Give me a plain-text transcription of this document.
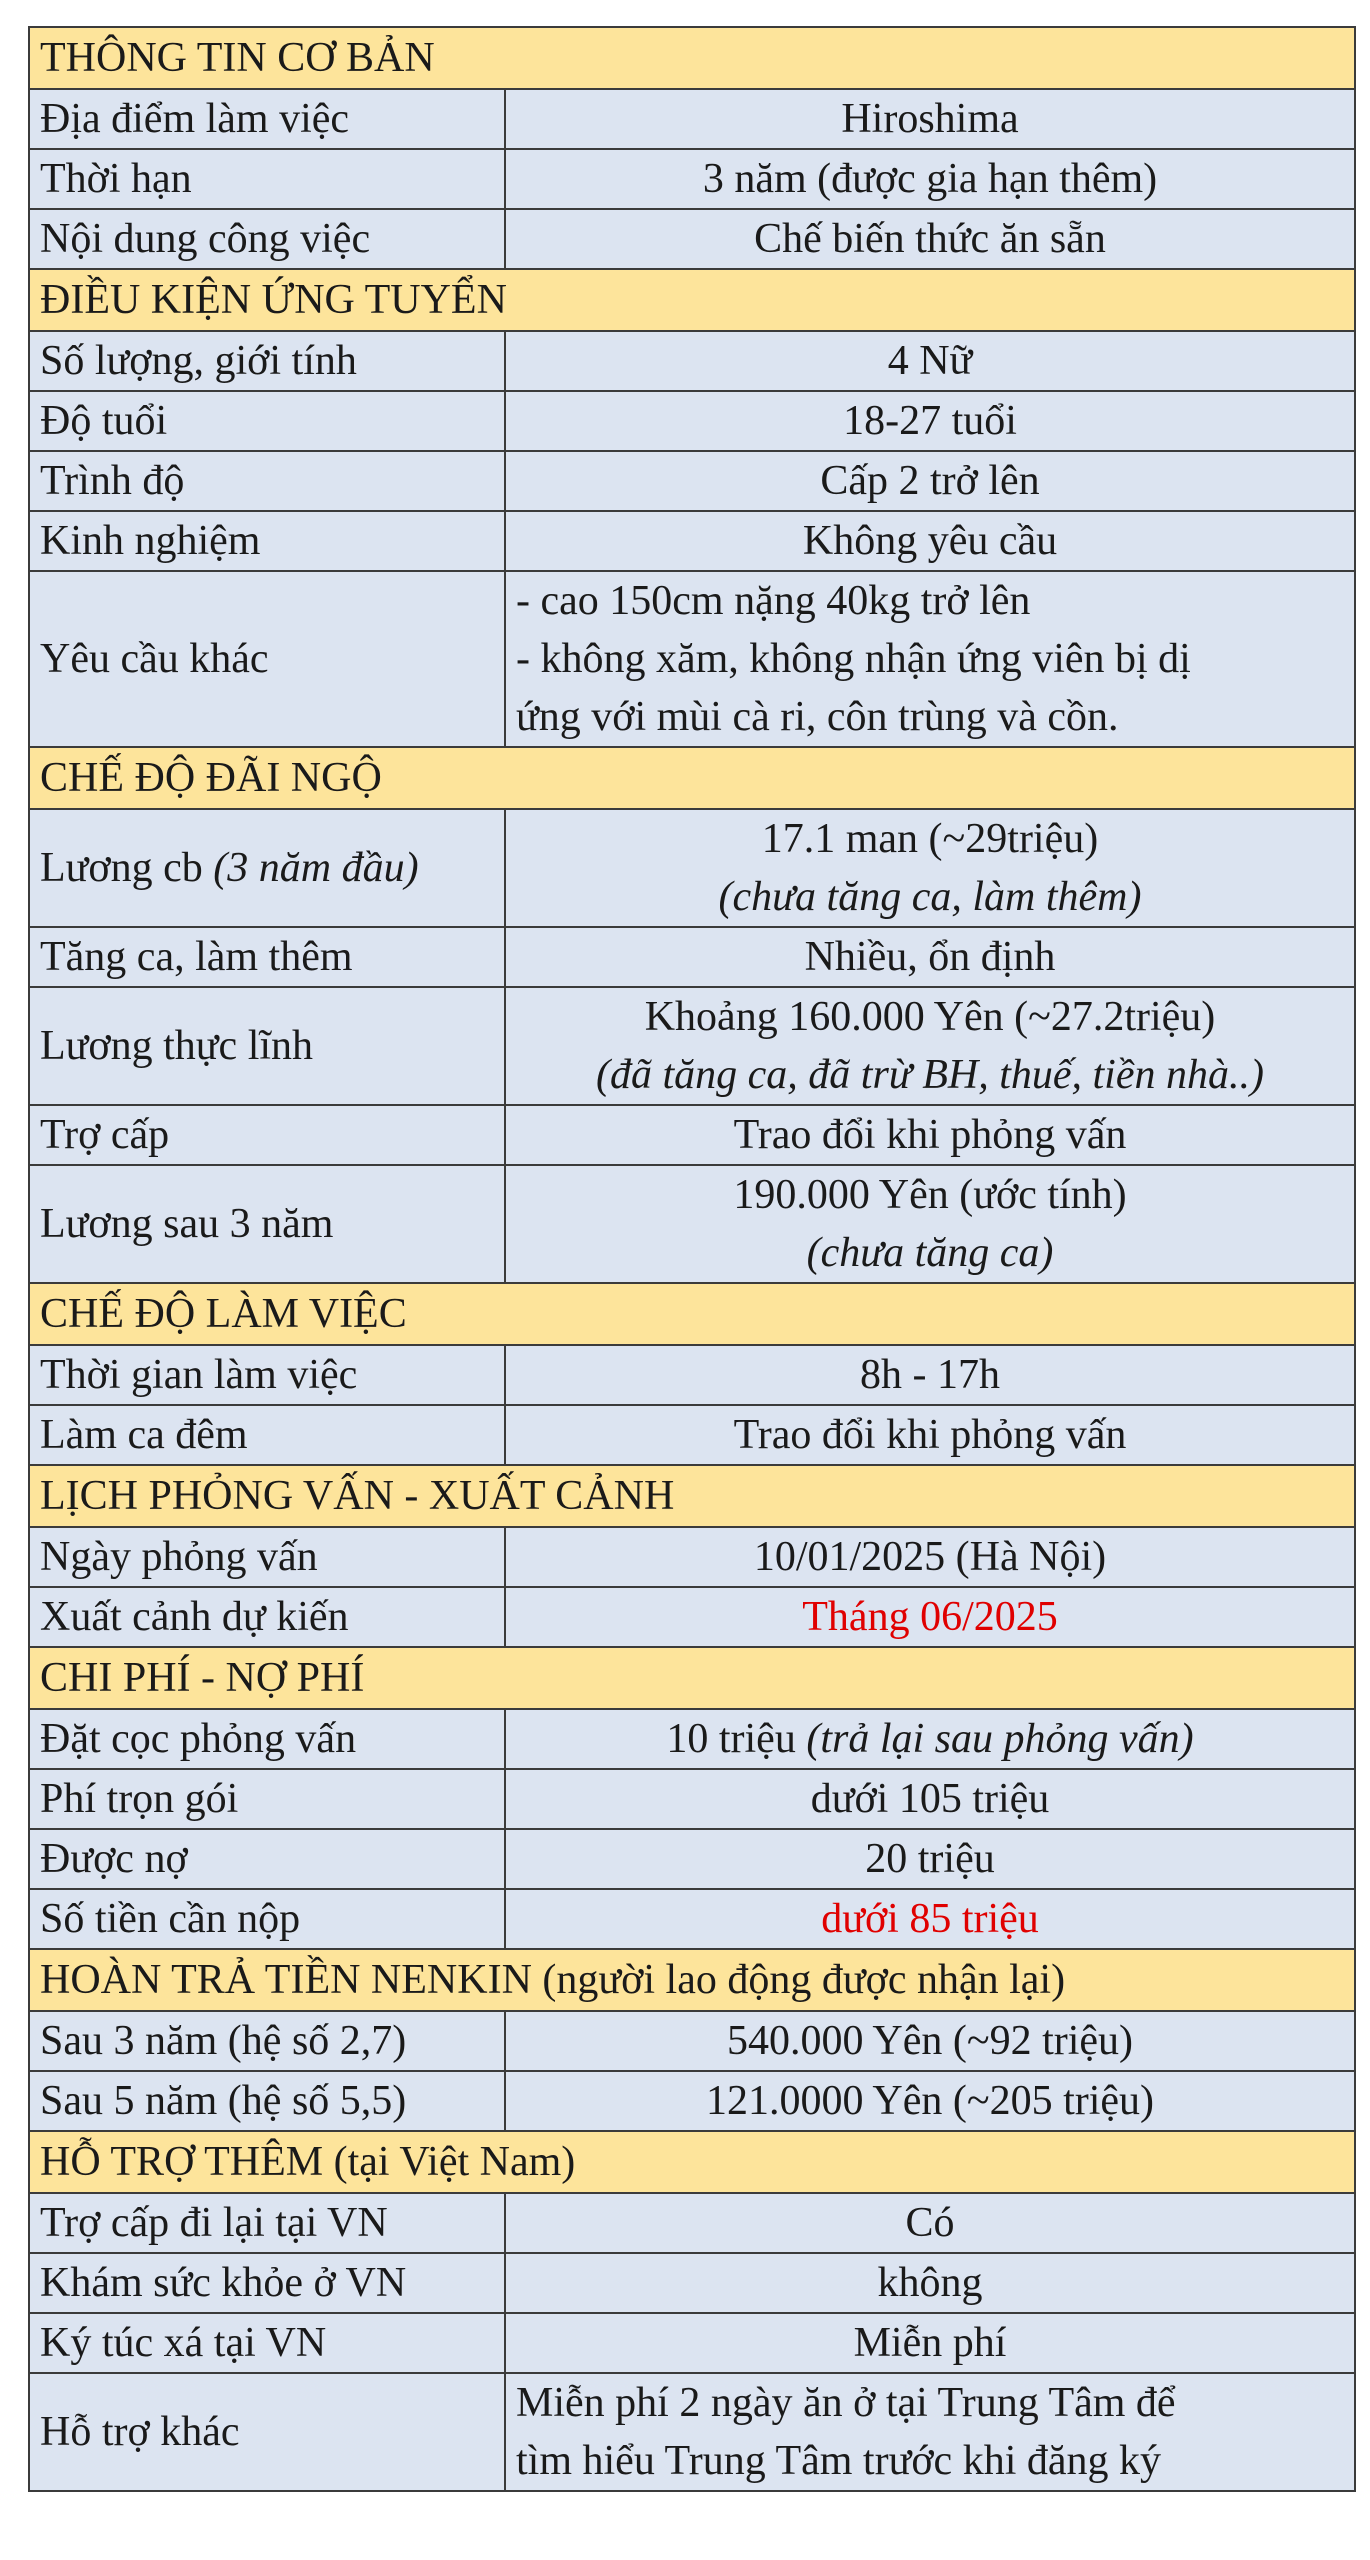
THÔNG TIN CƠ BẢN	
Địa điểm làm việc	Hiroshima
Thời hạn	3 năm (được gia hạn thêm)
Nội dung công việc	Chế biến thức ăn sẵn
ĐIỀU KIỆN ỨNG TUYỂN	
Số lượng, giới tính	4 Nữ
Độ tuổi	18-27 tuổi
Trình độ	Cấp 2 trở lên
Kinh nghiệm	Không yêu cầu
Yêu cầu khác	- cao 150cm nặng 40kg trở lên
- không xăm, không nhận ứng viên bị dị
ứng với mùi cà ri, côn trùng và cồn.

CHẾ ĐỘ ĐÃI NGỘ	
Lương cb (3 năm đầu)	17.1 man (~29triệu)
(chưa tăng ca, làm thêm)

Tăng ca, làm thêm	Nhiều, ổn định
Lương thực lĩnh	Khoảng 160.000 Yên (~27.2triệu)
(đã tăng ca, đã trừ BH, thuế, tiền nhà..)

Trợ cấp	Trao đổi khi phỏng vấn
Lương sau 3 năm	190.000 Yên (ước tính)
(chưa tăng ca)

CHẾ ĐỘ LÀM VIỆC	
Thời gian làm việc	8h - 17h
Làm ca đêm	Trao đổi khi phỏng vấn
LỊCH PHỎNG VẤN - XUẤT CẢNH	
Ngày phỏng vấn	10/01/2025 (Hà Nội)
Xuất cảnh dự kiến	Tháng 06/2025
CHI PHÍ - NỢ PHÍ	
Đặt cọc phỏng vấn	10 triệu (trả lại sau phỏng vấn)
Phí trọn gói	dưới 105 triệu
Được nợ	20 triệu
Số tiền cần nộp	dưới 85 triệu
HOÀN TRẢ TIỀN NENKIN (người lao động được nhận lại)	
Sau 3 năm (hệ số 2,7)	540.000 Yên (~92 triệu)
Sau 5 năm (hệ số 5,5)	121.0000 Yên (~205 triệu)
HỖ TRỢ THÊM (tại Việt Nam)	
Trợ cấp đi lại tại VN	Có
Khám sức khỏe ở VN	không
Ký túc xá tại VN	Miễn phí
Hỗ trợ khác	Miễn phí 2 ngày ăn ở tại Trung Tâm để
tìm hiểu Trung Tâm trước khi đăng ký
